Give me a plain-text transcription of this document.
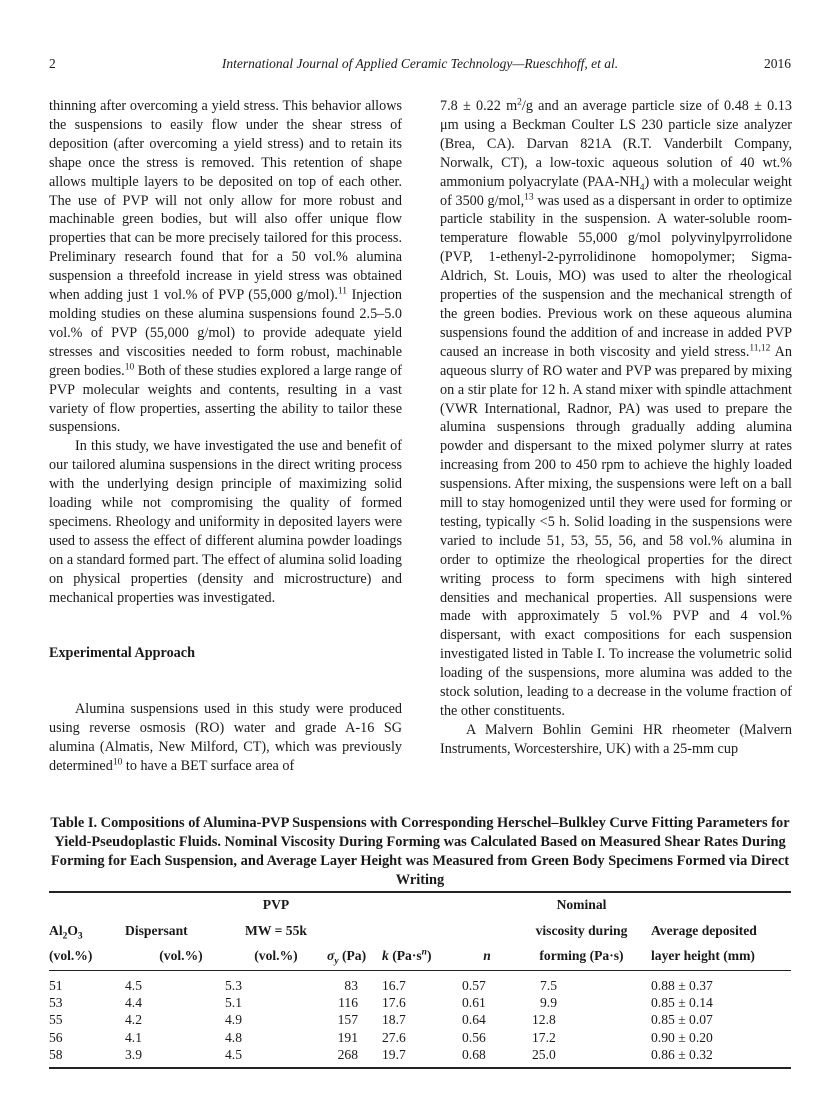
2	International Journal of Applied Ceramic Technology—Rueschhoff, et al.	2016

thinning after overcoming a yield stress. This behavior allows the suspensions to easily flow under the shear stress of deposition (after overcoming a yield stress) and to retain its shape once the stress is removed. This retention of shape allows multiple layers to be deposited on top of each other. The use of PVP will not only allow for more robust and machinable green bodies, but will also offer unique flow properties that can be more precisely tailored for this process. Preliminary research found that for a 50 vol.% alumina suspension a threefold increase in yield stress was obtained when adding just 1 vol.% of PVP (55,000 g/mol).$^{11}$ Injection molding studies on these alumina suspensions found 2.5–5.0 vol.% of PVP (55,000 g/mol) to provide adequate yield stresses and viscosities needed to form robust, machinable green bodies.$^{10}$ Both of these studies explored a large range of PVP molecular weights and contents, resulting in a vast variety of flow properties, asserting the ability to tailor these suspensions.

In this study, we have investigated the use and benefit of our tailored alumina suspensions in the direct writing process with the underlying design principle of maximizing solid loading while not compromising the quality of formed specimens. Rheology and uniformity in deposited layers were used to assess the effect of different alumina powder loadings on a standard formed part. The effect of alumina solid loading on physical properties (density and microstructure) and mechanical properties was investigated.

Experimental Approach

Alumina suspensions used in this study were produced using reverse osmosis (RO) water and grade A-16 SG alumina (Almatis, New Milford, CT), which was previously determined$^{10}$ to have a BET surface area of

7.8 ± 0.22 $m^2/g$ and an average particle size of 0.48 ± 0.13 μm using a Beckman Coulter LS 230 particle size analyzer (Brea, CA). Darvan 821A (R.T. Vanderbilt Company, Norwalk, CT), a low-toxic aqueous solution of 40 wt.% ammonium polyacrylate $(PAA-NH_4)$ with a molecular weight of 3500 g/mol,$^{13}$ was used as a dispersant in order to optimize particle stability in the suspension. A water-soluble room-temperature flowable 55,000 g/mol polyvinylpyrrolidone (PVP, 1-ethenyl-2-pyrrolidinone homopolymer; Sigma-Aldrich, St. Louis, MO) was used to alter the rheological properties of the suspension and the mechanical strength of the green bodies. Previous work on these aqueous alumina suspensions found the addition of and increase in added PVP caused an increase in both viscosity and yield stress.$^{11,12}$ An aqueous slurry of RO water and PVP was prepared by mixing on a stir plate for 12 h. A stand mixer with spindle attachment (VWR International, Radnor, PA) was used to prepare the alumina suspensions through gradually adding alumina powder and dispersant to the mixed polymer slurry at rates increasing from 200 to 450 rpm to achieve the highly loaded suspensions. After mixing, the suspensions were left on a ball mill to stay homogenized until they were used for forming or testing, typically <5 h. Solid loading in the suspensions were varied to include 51, 53, 55, 56, and 58 vol.% alumina in order to optimize the rheological properties for the direct writing process to form specimens with high sintered densities and mechanical properties. All suspensions were made with approximately 5 vol.% PVP and 4 vol.% dispersant, with exact compositions for each suspension investigated listed in Table I. To increase the volumetric solid loading of the suspensions, more alumina was added to the stock solution, leading to a decrease in the volume fraction of the other constituents.

A Malvern Bohlin Gemini HR rheometer (Malvern Instruments, Worcestershire, UK) with a 25-mm cup

Table I. Compositions of Alumina-PVP Suspensions with Corresponding Herschel–Bulkley Curve Fitting Parameters for Yield-Pseudoplastic Fluids. Nominal Viscosity During Forming was Calculated Based on Measured Shear Rates During Forming for Each Suspension, and Average Layer Height was Measured from Green Body Specimens Formed via Direct Writing
		PVP				Nominal	
$Al_2O_3$	Dispersant	MW = 55k				viscosity during	Average deposited
(vol.%)	(vol.%)	(vol.%)	$\sigma_y$ (Pa)	k $(Pa\cdot s^n)$	n	forming (Pa·s)	layer height (mm)
51	4.5	5.3	83	16.7	0.57	7.5	0.88 ± 0.37
53	4.4	5.1	116	17.6	0.61	9.9	0.85 ± 0.14
55	4.2	4.9	157	18.7	0.64	12.8	0.85 ± 0.07
56	4.1	4.8	191	27.6	0.56	17.2	0.90 ± 0.20
58	3.9	4.5	268	19.7	0.68	25.0	0.86 ± 0.32
